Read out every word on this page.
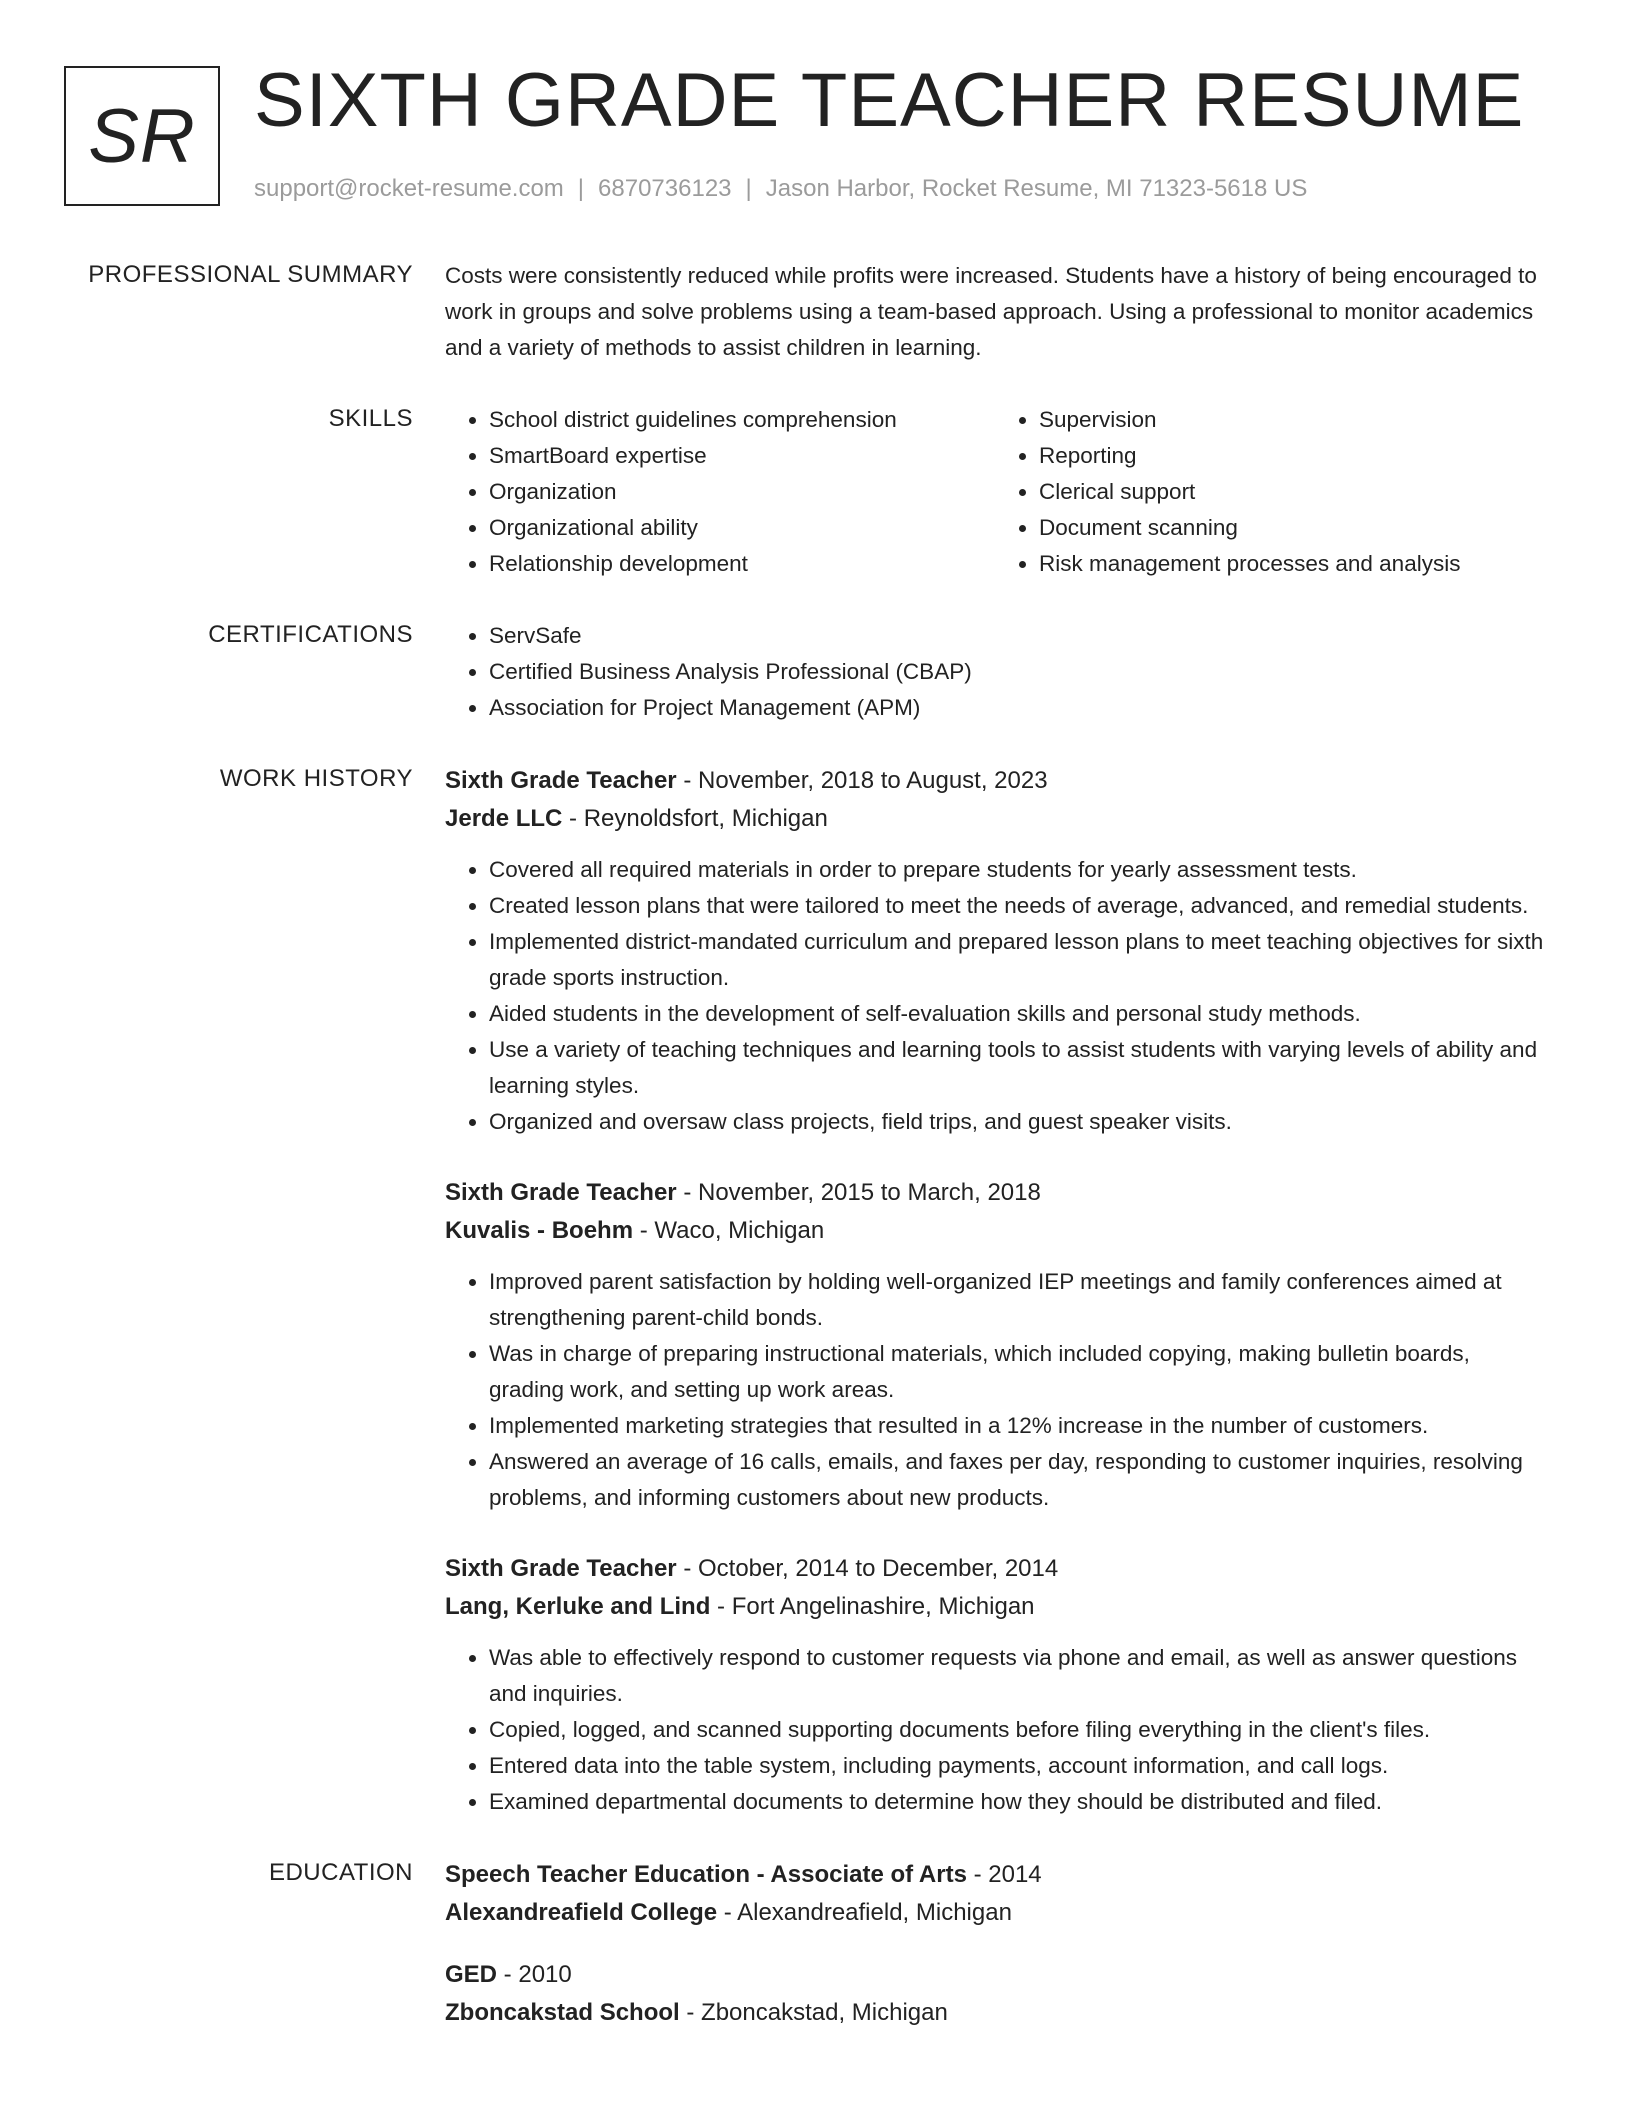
SR SIXTH GRADE TEACHER RESUME
support@rocket-resume.com | 6870736123 | Jason Harbor, Rocket Resume, MI 71323-5618 US
PROFESSIONAL SUMMARY Costs were consistently reduced while profits were increased. Students have a history of being encouraged to work in groups and solve problems using a team-based approach. Using a professional to monitor academics and a variety of methods to assist children in learning.

SKILLS	• School district guidelines comprehension
• SmartBoard expertise
• Organization
• Organizational ability
• Relationship development
• Supervision
• Reporting
• Clerical support
• Document scanning
• Risk management processes and analysis
CERTIFICATIONS	• ServSafe
• Certified Business Analysis Professional (CBAP)
• Association for Project Management (APM)
WORK HISTORY Sixth Grade Teacher - November, 2018 to August, 2023

Jerde LLC - Reynoldsfort, Michigan

• Covered all required materials in order to prepare students for yearly assessment tests.
• Created lesson plans that were tailored to meet the needs of average, advanced, and remedial students.
• Implemented district-mandated curriculum and prepared lesson plans to meet teaching objectives for sixth grade sports instruction.
• Aided students in the development of self-evaluation skills and personal study methods.
• Use a variety of teaching techniques and learning tools to assist students with varying levels of ability and learning styles.
• Organized and oversaw class projects, field trips, and guest speaker visits.

Sixth Grade Teacher - November, 2015 to March, 2018

Kuvalis - Boehm - Waco, Michigan

• Improved parent satisfaction by holding well-organized IEP meetings and family conferences aimed at strengthening parent-child bonds.
• Was in charge of preparing instructional materials, which included copying, making bulletin boards, grading work, and setting up work areas.
• Implemented marketing strategies that resulted in a 12% increase in the number of customers.
• Answered an average of 16 calls, emails, and faxes per day, responding to customer inquiries, resolving problems, and informing customers about new products.

Sixth Grade Teacher - October, 2014 to December, 2014

Lang, Kerluke and Lind - Fort Angelinashire, Michigan

• Was able to effectively respond to customer requests via phone and email, as well as answer questions and inquiries.
• Copied, logged, and scanned supporting documents before filing everything in the client's files.
• Entered data into the table system, including payments, account information, and call logs.
• Examined departmental documents to determine how they should be distributed and filed.
EDUCATION Speech Teacher Education - Associate of Arts - 2014

Alexandreafield College - Alexandreafield, Michigan

GED - 2010

Zboncakstad School - Zboncakstad, Michigan
